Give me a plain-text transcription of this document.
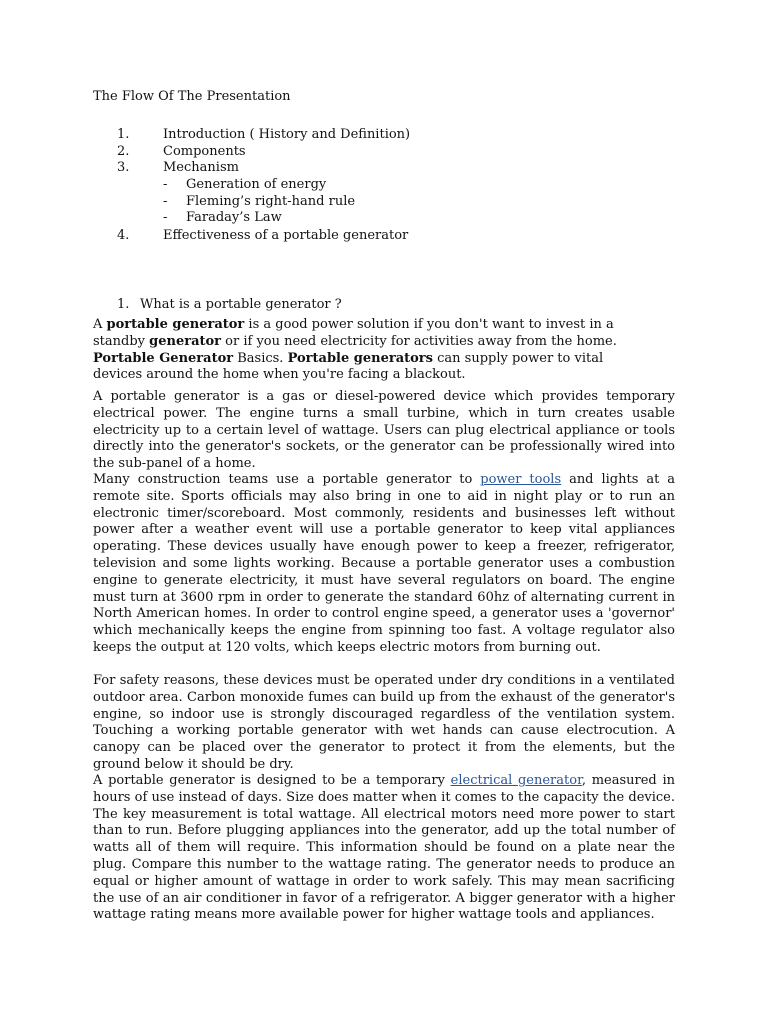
The Flow Of The Presentation
1.	Introduction ( History and Definition)
2.	Components
3.	Mechanism
- Generation of energy
- Fleming’s right-hand rule
- Faraday’s Law
4.	Effectiveness of a portable generator
1. What is a portable generator ?

A portable generator is a good power solution if you don't want to invest in a standby generator or if you need electricity for activities away from the home. Portable Generator Basics. Portable generators can supply power to vital devices around the home when you're facing a blackout.

A portable generator is a gas or diesel-powered device which provides temporary electrical power. The engine turns a small turbine, which in turn creates usable electricity up to a certain level of wattage. Users can plug electrical appliance or tools directly into the generator's sockets, or the generator can be professionally wired into the sub-panel of a home.

Many construction teams use a portable generator to power tools and lights at a remote site. Sports officials may also bring in one to aid in night play or to run an electronic timer/scoreboard. Most commonly, residents and businesses left without power after a weather event will use a portable generator to keep vital appliances operating. These devices usually have enough power to keep a freezer, refrigerator, television and some lights working. Because a portable generator uses a combustion engine to generate electricity, it must have several regulators on board. The engine must turn at 3600 rpm in order to generate the standard 60hz of alternating current in North American homes. In order to control engine speed, a generator uses a 'governor' which mechanically keeps the engine from spinning too fast. A voltage regulator also keeps the output at 120 volts, which keeps electric motors from burning out.

For safety reasons, these devices must be operated under dry conditions in a ventilated outdoor area. Carbon monoxide fumes can build up from the exhaust of the generator's engine, so indoor use is strongly discouraged regardless of the ventilation system. Touching a working portable generator with wet hands can cause electrocution. A canopy can be placed over the generator to protect it from the elements, but the ground below it should be dry.

A portable generator is designed to be a temporary electrical generator, measured in hours of use instead of days. Size does matter when it comes to the capacity the device. The key measurement is total wattage. All electrical motors need more power to start than to run. Before plugging appliances into the generator, add up the total number of watts all of them will require. This information should be found on a plate near the plug. Compare this number to the wattage rating. The generator needs to produce an equal or higher amount of wattage in order to work safely. This may mean sacrificing the use of an air conditioner in favor of a refrigerator. A bigger generator with a higher wattage rating means more available power for higher wattage tools and appliances.
